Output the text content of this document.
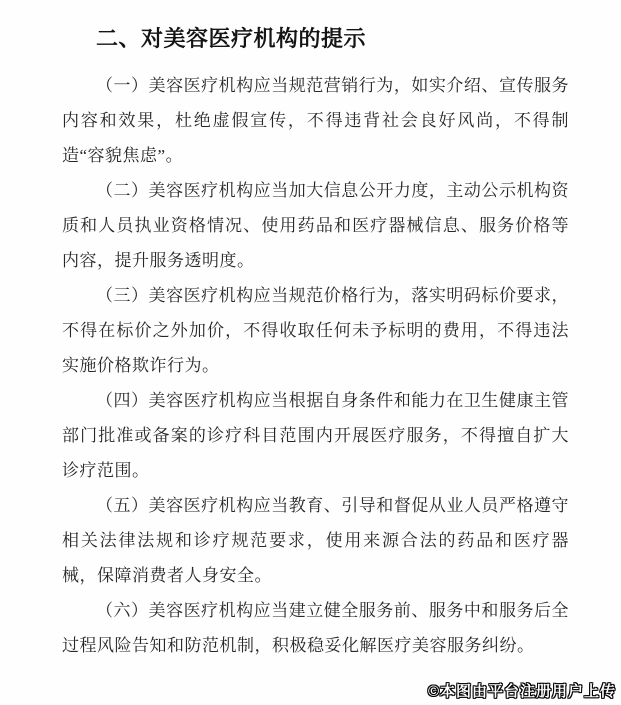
二、对美容医疗机构的提示

（一）美容医疗机构应当规范营销行为，如实介绍、宣传服务内容和效果，杜绝虚假宣传，不得违背社会良好风尚，不得制造“容貌焦虑”。

（二）美容医疗机构应当加大信息公开力度，主动公示机构资质和人员执业资格情况、使用药品和医疗器械信息、服务价格等内容，提升服务透明度。

（三）美容医疗机构应当规范价格行为，落实明码标价要求，不得在标价之外加价，不得收取任何未予标明的费用，不得违法实施价格欺诈行为。

（四）美容医疗机构应当根据自身条件和能力在卫生健康主管部门批准或备案的诊疗科目范围内开展医疗服务，不得擅自扩大诊疗范围。

（五）美容医疗机构应当教育、引导和督促从业人员严格遵守相关法律法规和诊疗规范要求，使用来源合法的药品和医疗器械，保障消费者人身安全。

（六）美容医疗机构应当建立健全服务前、服务中和服务后全过程风险告知和防范机制，积极稳妥化解医疗美容服务纠纷。

©本图由平台注册用户上传
